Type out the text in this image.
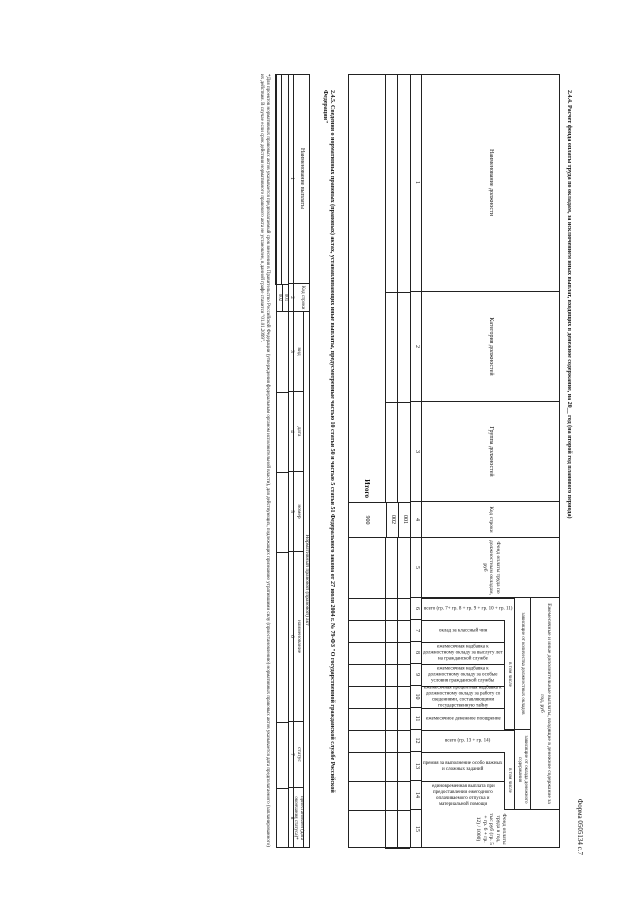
Форма 0505134 с.7
2.4.4. Расчет фонда оплаты труда по окладам, за исключением иных выплат, входящих в денежное содержание, на 20__ год (на второй год планового периода)
Наименование должности
Категория должностей
Группа должностей
Код строки
Фонд оплаты труда по должностным окладам, руб
Ежемесячные и иные дополнительные выплаты, входящие в денежное содержание за год, руб
зависящие от количества должностных окладов
зависящие от оклада денежного содержания
в том числе
в том числе
всего (гр. 7+ гр. 8 + гр. 9 + гр. 10 + гр. 11)
оклад за классный чин
ежемесячная надбавка к должностному окладу за выслугу лет на гражданской службе
ежемесячная надбавка к должностному окладу за особые условия гражданской службы
ежемесячная процентная надбавка к должностному окладу за работу со сведениями, составляющими государственную тайну
ежемесячное денежное поощрение
всего (гр. 13 + гр. 14)
премия за выполнение особо важных и сложных заданий
единовременная выплата при предоставлении ежегодного оплачиваемого отпуска и материальной помощи
Фонд оплаты труда в год, тыс руб (гр. 5 + гр. 6 + гр. 12) / 1000)
1
2
3
4
5
6
7
8
9
10
11
12
13
14
15
001
002
Итого
900
2.4.5. Сведения о нормативных правовых (правовых) актах, устанавливающих иные выплаты, предусмотренные частью 10 статьи 50 и частью 5 статьи 51 Федерального закона от 27 июля 2004 г. № 79-ФЗ "О государственной гражданской службе Российской Федерации"
Наименование выплаты
Код строки
Нормативный правовой (правовой) акт
вид
дата
номер
наименование
статус
приостановлен (дата окончания статуса)*
1
2
3
4
5
6
7
8
001
002
*Для проектов нормативных правовых актов указывается предполагаемый срок внесения в Правительство Российской Федерации (утверждения федеральным органом исполнительной власти), для действующих, подлежащих признанию утратившими силу (приостановлению) нормативных правовых актов указывается дата предполагаемого (запланированного) их действия. В случае если срок действия нормативного правового акта не установлен, в данной графе ставится "01.01.2099".
